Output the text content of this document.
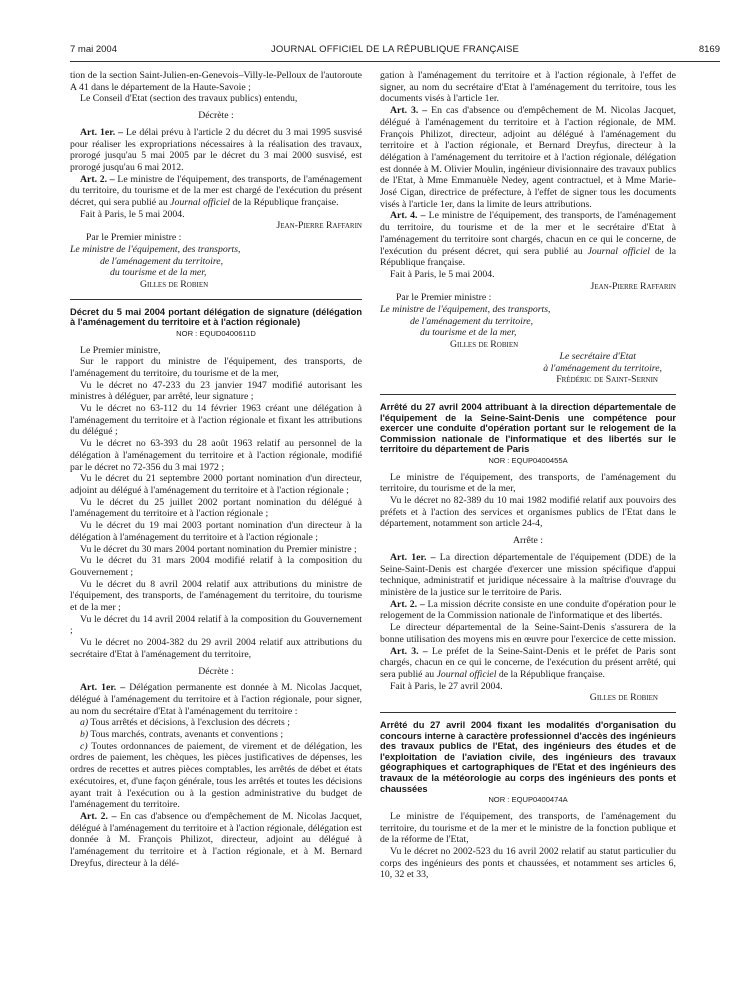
7 mai 2004	JOURNAL OFFICIEL DE LA RÉPUBLIQUE FRANÇAISE	8169

tion de la section Saint-Julien-en-Genevois–Villy-le-Pelloux de l'autoroute A 41 dans le département de la Haute-Savoie ;

Le Conseil d'Etat (section des travaux publics) entendu,

Décrète :

Art. 1er. – Le délai prévu à l'article 2 du décret du 3 mai 1995 susvisé pour réaliser les expropriations nécessaires à la réalisation des travaux, prorogé jusqu'au 5 mai 2005 par le décret du 3 mai 2000 susvisé, est prorogé jusqu'au 6 mai 2012.

Art. 2. – Le ministre de l'équipement, des transports, de l'aménagement du territoire, du tourisme et de la mer est chargé de l'exécution du présent décret, qui sera publié au Journal officiel de la République française.

Fait à Paris, le 5 mai 2004.

Jean-Pierre Raffarin

Par le Premier ministre :

Le ministre de l'équipement, des transports,

de l'aménagement du territoire,

du tourisme et de la mer,

Gilles de Robien

Décret du 5 mai 2004 portant délégation de signature (délégation à l'aménagement du territoire et à l'action régionale)

NOR : EQUD0400611D

Le Premier ministre,

Sur le rapport du ministre de l'équipement, des transports, de l'aménagement du territoire, du tourisme et de la mer,

Vu le décret no 47-233 du 23 janvier 1947 modifié autorisant les ministres à déléguer, par arrêté, leur signature ;

Vu le décret no 63-112 du 14 février 1963 créant une délégation à l'aménagement du territoire et à l'action régionale et fixant les attributions du délégué ;

Vu le décret no 63-393 du 28 août 1963 relatif au personnel de la délégation à l'aménagement du territoire et à l'action régionale, modifié par le décret no 72-356 du 3 mai 1972 ;

Vu le décret du 21 septembre 2000 portant nomination d'un directeur, adjoint au délégué à l'aménagement du territoire et à l'action régionale ;

Vu le décret du 25 juillet 2002 portant nomination du délégué à l'aménagement du territoire et à l'action régionale ;

Vu le décret du 19 mai 2003 portant nomination d'un directeur à la délégation à l'aménagement du territoire et à l'action régionale ;

Vu le décret du 30 mars 2004 portant nomination du Premier ministre ;

Vu le décret du 31 mars 2004 modifié relatif à la composition du Gouvernement ;

Vu le décret du 8 avril 2004 relatif aux attributions du ministre de l'équipement, des transports, de l'aménagement du territoire, du tourisme et de la mer ;

Vu le décret du 14 avril 2004 relatif à la composition du Gouvernement ;

Vu le décret no 2004-382 du 29 avril 2004 relatif aux attributions du secrétaire d'Etat à l'aménagement du territoire,

Décrète :

Art. 1er. – Délégation permanente est donnée à M. Nicolas Jacquet, délégué à l'aménagement du territoire et à l'action régionale, pour signer, au nom du secrétaire d'Etat à l'aménagement du territoire :

a) Tous arrêtés et décisions, à l'exclusion des décrets ;

b) Tous marchés, contrats, avenants et conventions ;

c) Toutes ordonnances de paiement, de virement et de délégation, les ordres de paiement, les chèques, les pièces justificatives de dépenses, les ordres de recettes et autres pièces comptables, les arrêtés de débet et états exécutoires, et, d'une façon générale, tous les arrêtés et toutes les décisions ayant trait à l'exécution ou à la gestion administrative du budget de l'aménagement du territoire.

Art. 2. – En cas d'absence ou d'empêchement de M. Nicolas Jacquet, délégué à l'aménagement du territoire et à l'action régionale, délégation est donnée à M. François Philizot, directeur, adjoint au délégué à l'aménagement du territoire et à l'action régionale, et à M. Bernard Dreyfus, directeur à la délé-

gation à l'aménagement du territoire et à l'action régionale, à l'effet de signer, au nom du secrétaire d'Etat à l'aménagement du territoire, tous les documents visés à l'article 1er.

Art. 3. – En cas d'absence ou d'empêchement de M. Nicolas Jacquet, délégué à l'aménagement du territoire et à l'action régionale, de MM. François Philizot, directeur, adjoint au délégué à l'aménagement du territoire et à l'action régionale, et Bernard Dreyfus, directeur à la délégation à l'aménagement du territoire et à l'action régionale, délégation est donnée à M. Olivier Moulin, ingénieur divisionnaire des travaux publics de l'Etat, à Mme Emmanuèle Nedey, agent contractuel, et à Mme Marie-José Cigan, directrice de préfecture, à l'effet de signer tous les documents visés à l'article 1er, dans la limite de leurs attributions.

Art. 4. – Le ministre de l'équipement, des transports, de l'aménagement du territoire, du tourisme et de la mer et le secrétaire d'Etat à l'aménagement du territoire sont chargés, chacun en ce qui le concerne, de l'exécution du présent décret, qui sera publié au Journal officiel de la République française.

Fait à Paris, le 5 mai 2004.

Jean-Pierre Raffarin

Par le Premier ministre :

Le ministre de l'équipement, des transports,

de l'aménagement du territoire,

du tourisme et de la mer,

Gilles de Robien

Le secrétaire d'Etat

à l'aménagement du territoire,

Frédéric de Saint-Sernin

Arrêté du 27 avril 2004 attribuant à la direction départementale de l'équipement de la Seine-Saint-Denis une compétence pour exercer une conduite d'opération portant sur le relogement de la Commission nationale de l'informatique et des libertés sur le territoire du département de Paris

NOR : EQUP0400455A

Le ministre de l'équipement, des transports, de l'aménagement du territoire, du tourisme et de la mer,

Vu le décret no 82-389 du 10 mai 1982 modifié relatif aux pouvoirs des préfets et à l'action des services et organismes publics de l'Etat dans le département, notamment son article 24-4,

Arrête :

Art. 1er. – La direction départementale de l'équipement (DDE) de la Seine-Saint-Denis est chargée d'exercer une mission spécifique d'appui technique, administratif et juridique nécessaire à la maîtrise d'ouvrage du ministère de la justice sur le territoire de Paris.

Art. 2. – La mission décrite consiste en une conduite d'opération pour le relogement de la Commission nationale de l'informatique et des libertés.

Le directeur départemental de la Seine-Saint-Denis s'assurera de la bonne utilisation des moyens mis en œuvre pour l'exercice de cette mission.

Art. 3. – Le préfet de la Seine-Saint-Denis et le préfet de Paris sont chargés, chacun en ce qui le concerne, de l'exécution du présent arrêté, qui sera publié au Journal officiel de la République française.

Fait à Paris, le 27 avril 2004.

Gilles de Robien

Arrêté du 27 avril 2004 fixant les modalités d'organisation du concours interne à caractère professionnel d'accès des ingénieurs des travaux publics de l'Etat, des ingénieurs des études et de l'exploitation de l'aviation civile, des ingénieurs des travaux géographiques et cartographiques de l'Etat et des ingénieurs des travaux de la météorologie au corps des ingénieurs des ponts et chaussées

NOR : EQUP0400474A

Le ministre de l'équipement, des transports, de l'aménagement du territoire, du tourisme et de la mer et le ministre de la fonction publique et de la réforme de l'Etat,

Vu le décret no 2002-523 du 16 avril 2002 relatif au statut particulier du corps des ingénieurs des ponts et chaussées, et notamment ses articles 6, 10, 32 et 33,
